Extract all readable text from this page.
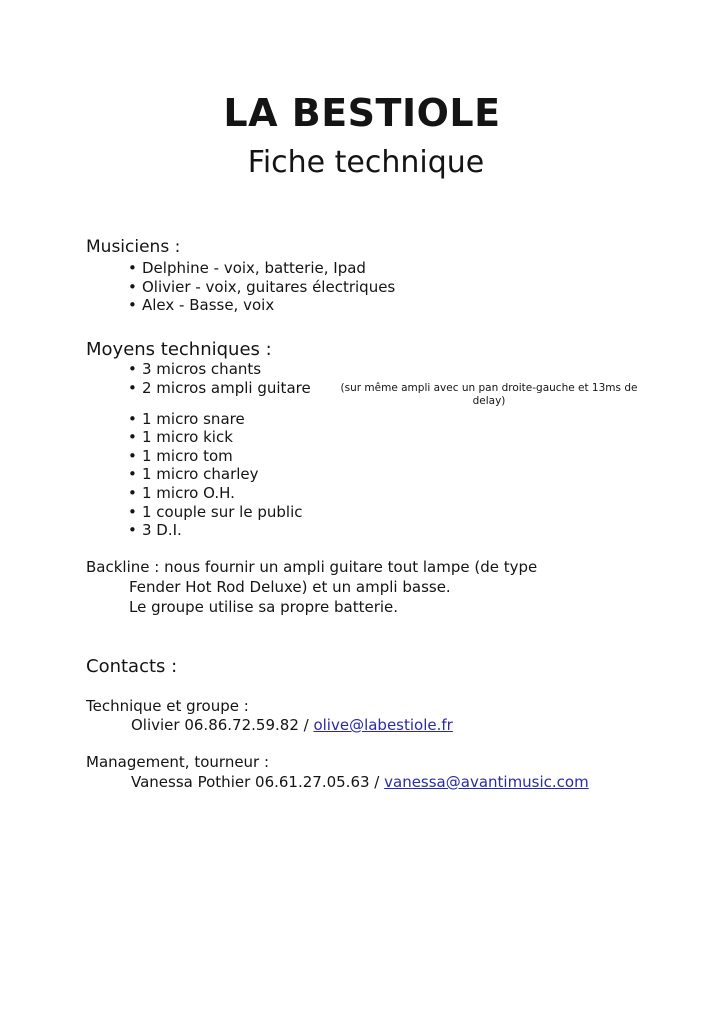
LA BESTIOLE
Fiche technique
Musiciens :
• Delphine - voix, batterie, Ipad
• Olivier - voix, guitares électriques
• Alex - Basse, voix
Moyens techniques :
• 3 micros chants
• 2 micros ampli guitare	(sur même ampli avec un pan droite-gauche et 13ms de delay)
• 1 micro snare
• 1 micro kick
• 1 micro tom
• 1 micro charley
• 1 micro O.H.
• 1 couple sur le public
• 3 D.I.
Backline : nous fournir un ampli guitare tout lampe (de type
Fender Hot Rod Deluxe) et un ampli basse.
Le groupe utilise sa propre batterie.
Contacts :
Technique et groupe :
Olivier 06.86.72.59.82 / olive@labestiole.fr
Management, tourneur :
Vanessa Pothier 06.61.27.05.63 / vanessa@avantimusic.com
